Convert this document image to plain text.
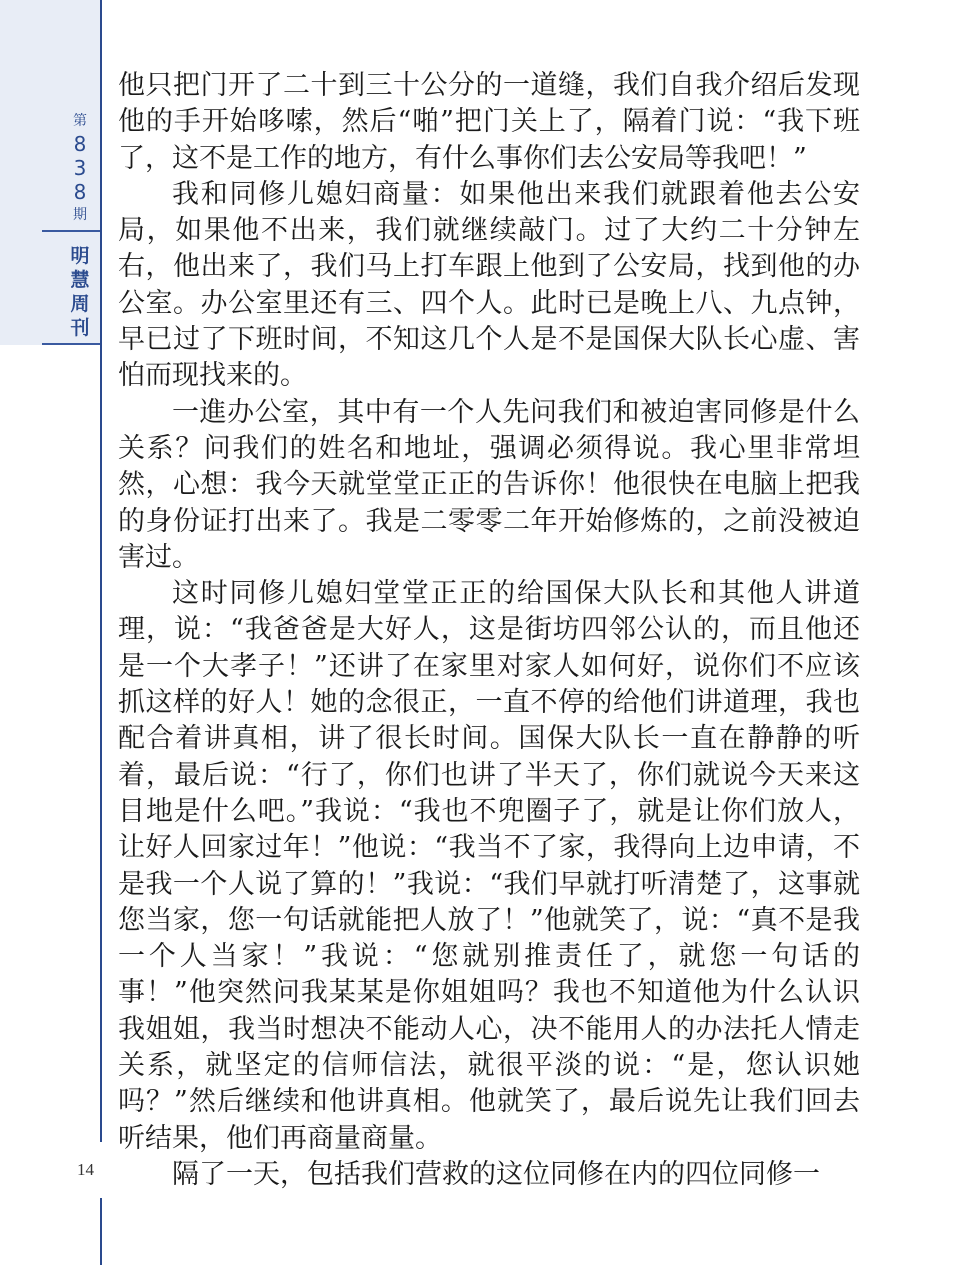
第
8
3
8
期
明
慧
周
刊
14

他只把门开了二十到三十公分的一道缝，我们自我介绍后发现他的手开始哆嗦，然后“啪”把门关上了，隔着门说：“我下班了，这不是工作的地方，有什么事你们去公安局等我吧！”

我和同修儿媳妇商量：如果他出来我们就跟着他去公安局，如果他不出来，我们就继续敲门。过了大约二十分钟左右，他出来了，我们马上打车跟上他到了公安局，找到他的办公室。办公室里还有三、四个人。此时已是晚上八、九点钟，早已过了下班时间，不知这几个人是不是国保大队长心虚、害怕而现找来的。

一進办公室，其中有一个人先问我们和被迫害同修是什么关系？问我们的姓名和地址，强调必须得说。我心里非常坦然，心想：我今天就堂堂正正的告诉你！他很快在电脑上把我的身份证打出来了。我是二零零二年开始修炼的，之前没被迫害过。

这时同修儿媳妇堂堂正正的给国保大队长和其他人讲道理，说：“我爸爸是大好人，这是街坊四邻公认的，而且他还是一个大孝子！”还讲了在家里对家人如何好，说你们不应该抓这样的好人！她的念很正，一直不停的给他们讲道理，我也配合着讲真相，讲了很长时间。国保大队长一直在静静的听着，最后说：“行了，你们也讲了半天了，你们就说今天来这目地是什么吧。”我说：“我也不兜圈子了，就是让你们放人，让好人回家过年！”他说：“我当不了家，我得向上边申请，不是我一个人说了算的！”我说：“我们早就打听清楚了，这事就您当家，您一句话就能把人放了！”他就笑了，说：“真不是我一个人当家！”我说：“您就别推责任了，就您一句话的事！”他突然问我某某是你姐姐吗？我也不知道他为什么认识我姐姐，我当时想决不能动人心，决不能用人的办法托人情走关系，就坚定的信师信法，就很平淡的说：“是，您认识她吗？”然后继续和他讲真相。他就笑了，最后说先让我们回去听结果，他们再商量商量。

隔了一天，包括我们营救的这位同修在内的四位同修一
